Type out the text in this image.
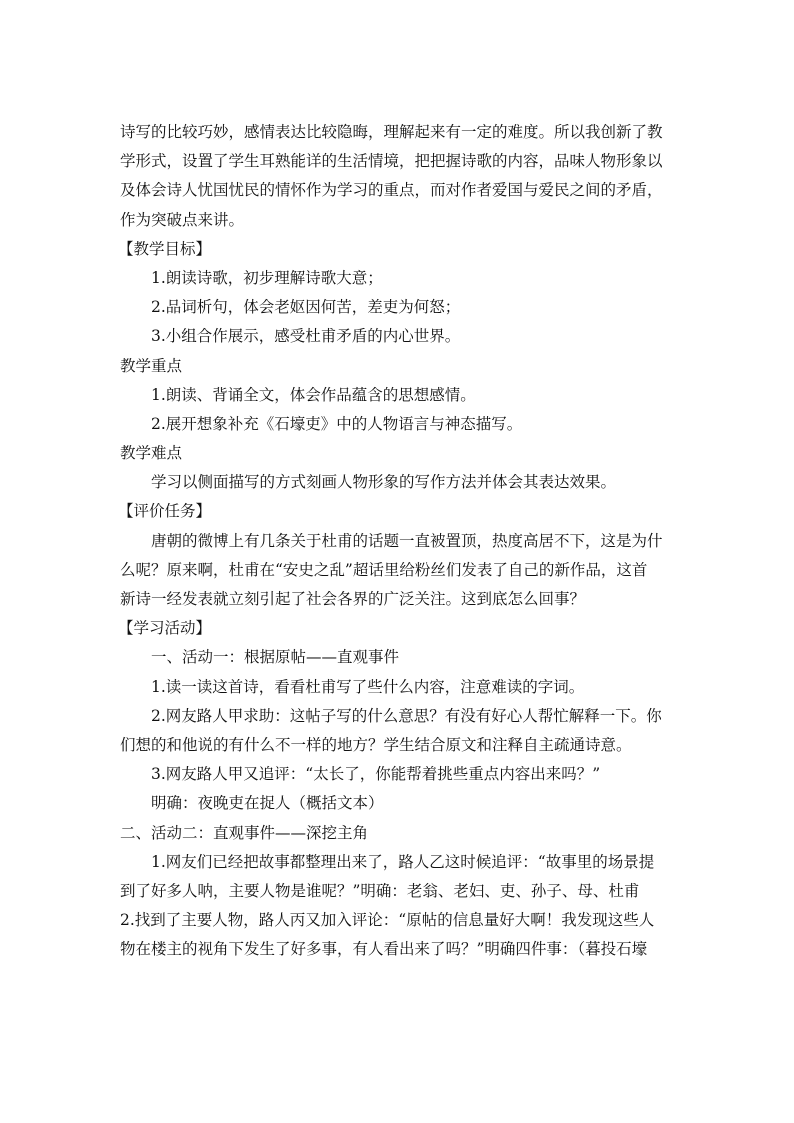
诗写的比较巧妙，感情表达比较隐晦，理解起来有一定的难度。所以我创新了教
学形式，设置了学生耳熟能详的生活情境，把把握诗歌的内容，品味人物形象以
及体会诗人忧国忧民的情怀作为学习的重点，而对作者爱国与爱民之间的矛盾，
作为突破点来讲。
【教学目标】
1.朗读诗歌，初步理解诗歌大意；
2.品词析句，体会老妪因何苦，差吏为何怒；
3.小组合作展示，感受杜甫矛盾的内心世界。
教学重点
1.朗读、背诵全文，体会作品蕴含的思想感情。
2.展开想象补充《石壕吏》中的人物语言与神态描写。
教学难点
学习以侧面描写的方式刻画人物形象的写作方法并体会其表达效果。
【评价任务】
唐朝的微博上有几条关于杜甫的话题一直被置顶，热度高居不下，这是为什
么呢？原来啊，杜甫在“安史之乱”超话里给粉丝们发表了自己的新作品，这首
新诗一经发表就立刻引起了社会各界的广泛关注。这到底怎么回事？
【学习活动】
一、活动一：根据原帖——直观事件
1.读一读这首诗，看看杜甫写了些什么内容，注意难读的字词。
2.网友路人甲求助：这帖子写的什么意思？有没有好心人帮忙解释一下。你
们想的和他说的有什么不一样的地方？学生结合原文和注释自主疏通诗意。
3.网友路人甲又追评：“太长了，你能帮着挑些重点内容出来吗？”
明确：夜晚吏在捉人（概括文本）
二、活动二：直观事件——深挖主角
1.网友们已经把故事都整理出来了，路人乙这时候追评：“故事里的场景提
到了好多人呐，主要人物是谁呢？”明确：老翁、老妇、吏、孙子、母、杜甫
2.找到了主要人物，路人丙又加入评论：“原帖的信息量好大啊！我发现这些人
物在楼主的视角下发生了好多事，有人看出来了吗？”明确四件事：（暮投石壕
